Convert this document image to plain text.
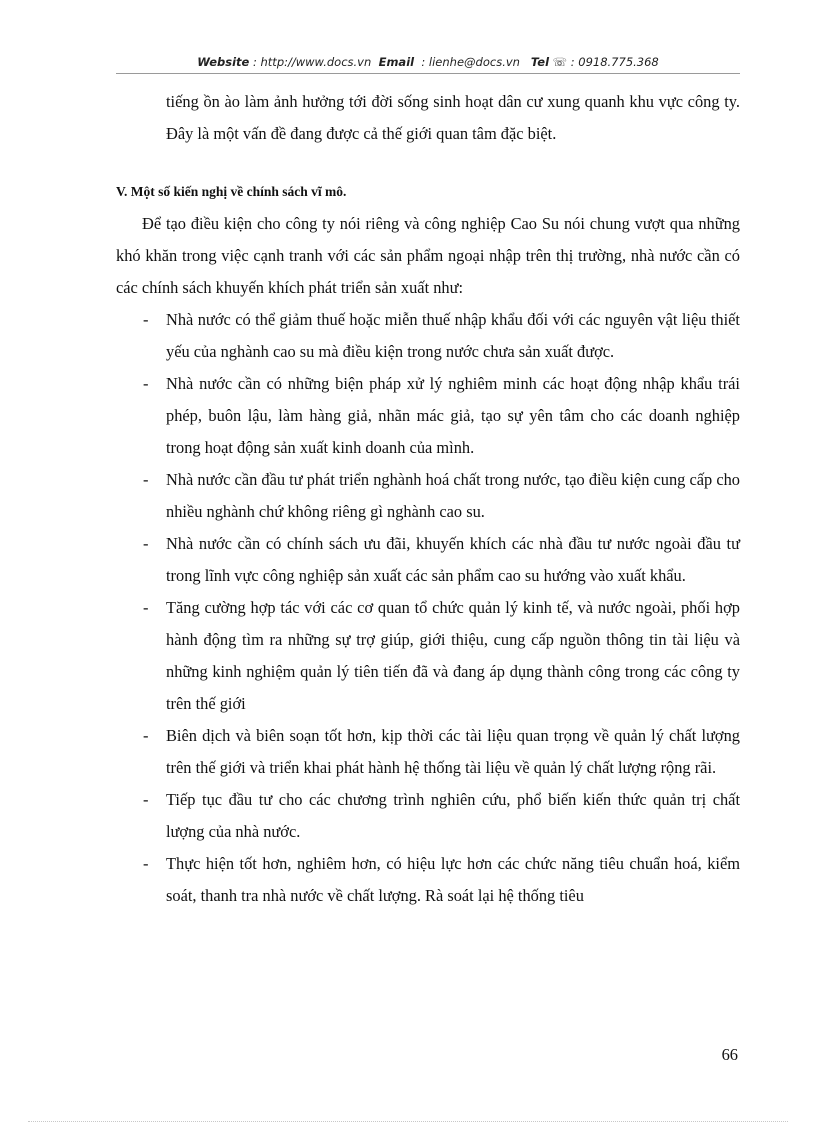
Website : http://www.docs.vn Email : lienhe@docs.vn Tel ☏ : 0918.775.368

tiếng ồn ào làm ảnh hưởng tới đời sống sinh hoạt dân cư xung quanh khu vực công ty. Đây là một vấn đề đang được cả thế giới quan tâm đặc biệt.

V. Một số kiến nghị về chính sách vĩ mô.

Để tạo điều kiện cho công ty nói riêng và công nghiệp Cao Su nói chung vượt qua những khó khăn trong việc cạnh tranh với các sản phẩm ngoại nhập trên thị trường, nhà nước cần có các chính sách khuyến khích phát triển sản xuất như:

- Nhà nước có thể giảm thuế hoặc miễn thuế nhập khẩu đối với các nguyên vật liệu thiết yếu của nghành cao su mà điều kiện trong nước chưa sản xuất được.
- Nhà nước cần có những biện pháp xử lý nghiêm minh các hoạt động nhập khẩu trái phép, buôn lậu, làm hàng giả, nhãn mác giả, tạo sự yên tâm cho các doanh nghiệp trong hoạt động sản xuất kinh doanh của mình.
- Nhà nước cần đầu tư phát triển nghành hoá chất trong nước, tạo điều kiện cung cấp cho nhiều nghành chứ không riêng gì nghành cao su.
- Nhà nước cần có chính sách ưu đãi, khuyến khích các nhà đầu tư nước ngoài đầu tư trong lĩnh vực công nghiệp sản xuất các sản phẩm cao su hướng vào xuất khẩu.
- Tăng cường hợp tác với các cơ quan tổ chức quản lý kinh tế, và nước ngoài, phối hợp hành động tìm ra những sự trợ giúp, giới thiệu, cung cấp nguồn thông tin tài liệu và những kinh nghiệm quản lý tiên tiến đã và đang áp dụng thành công trong các công ty trên thế giới
- Biên dịch và biên soạn tốt hơn, kịp thời các tài liệu quan trọng về quản lý chất lượng trên thế giới và triển khai phát hành hệ thống tài liệu về quản lý chất lượng rộng rãi.
- Tiếp tục đầu tư cho các chương trình nghiên cứu, phổ biến kiến thức quản trị chất lượng của nhà nước.
- Thực hiện tốt hơn, nghiêm hơn, có hiệu lực hơn các chức năng tiêu chuẩn hoá, kiểm soát, thanh tra nhà nước về chất lượng. Rà soát lại hệ thống tiêu
66
